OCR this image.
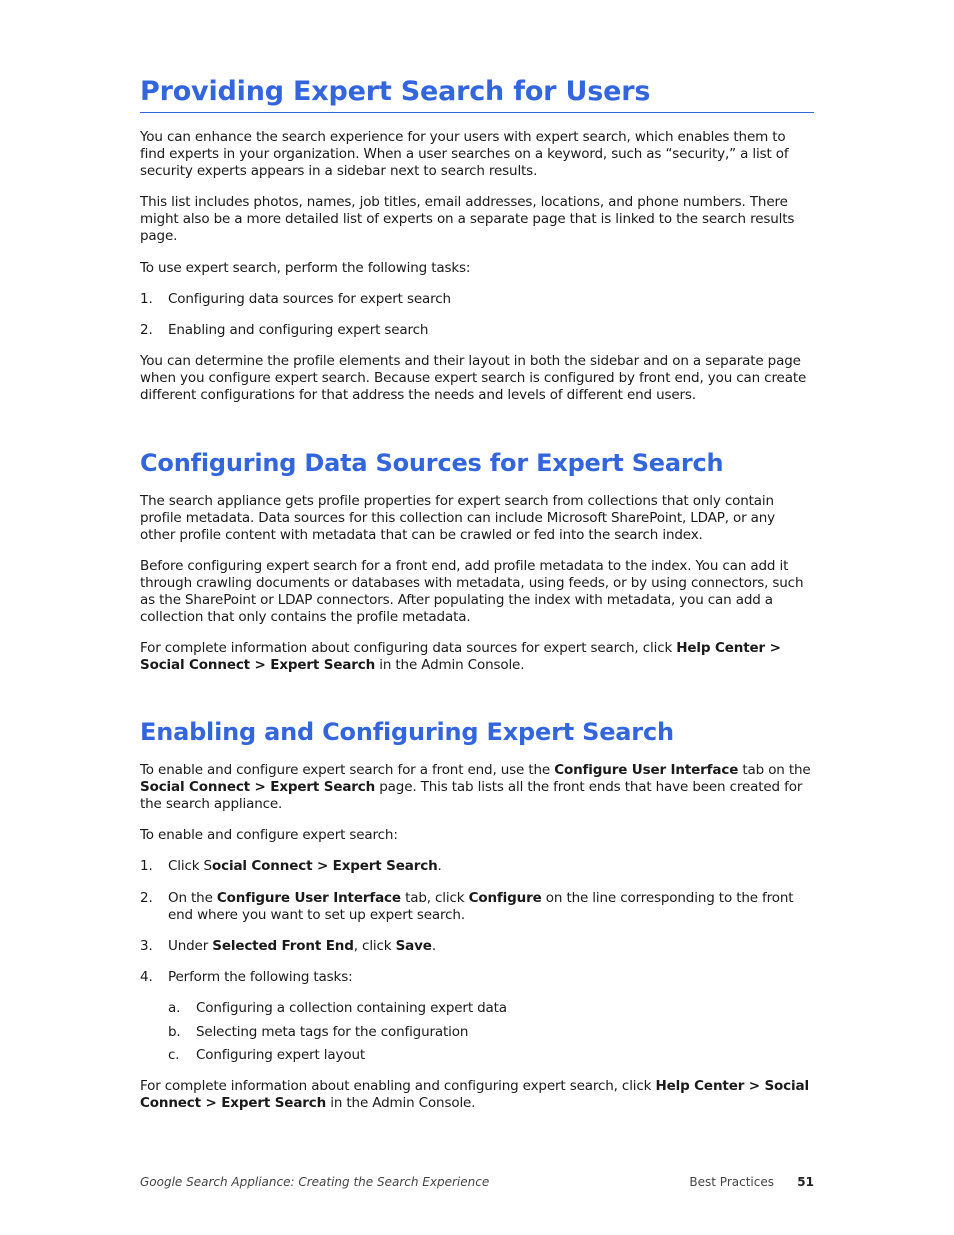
Providing Expert Search for Users

You can enhance the search experience for your users with expert search, which enables them to find experts in your organization. When a user searches on a keyword, such as “security,” a list of security experts appears in a sidebar next to search results.

This list includes photos, names, job titles, email addresses, locations, and phone numbers. There might also be a more detailed list of experts on a separate page that is linked to the search results page.

To use expert search, perform the following tasks:

1. Configuring data sources for expert search
2. Enabling and configuring expert search

You can determine the profile elements and their layout in both the sidebar and on a separate page when you configure expert search. Because expert search is configured by front end, you can create different configurations for that address the needs and levels of different end users.

Configuring Data Sources for Expert Search

The search appliance gets profile properties for expert search from collections that only contain profile metadata. Data sources for this collection can include Microsoft SharePoint, LDAP, or any other profile content with metadata that can be crawled or fed into the search index.

Before configuring expert search for a front end, add profile metadata to the index. You can add it through crawling documents or databases with metadata, using feeds, or by using connectors, such as the SharePoint or LDAP connectors. After populating the index with metadata, you can add a collection that only contains the profile metadata.

For complete information about configuring data sources for expert search, click Help Center > Social Connect > Expert Search in the Admin Console.

Enabling and Configuring Expert Search

To enable and configure expert search for a front end, use the Configure User Interface tab on the Social Connect > Expert Search page. This tab lists all the front ends that have been created for the search appliance.

To enable and configure expert search:

1. Click Social Connect > Expert Search.
2. On the Configure User Interface tab, click Configure on the line corresponding to the front end where you want to set up expert search.
3. Under Selected Front End, click Save.
4. Perform the following tasks:
a. Configuring a collection containing expert data
b. Selecting meta tags for the configuration
c. Configuring expert layout

For complete information about enabling and configuring expert search, click Help Center > Social Connect > Expert Search in the Admin Console.

Google Search Appliance: Creating the Search Experience	Best Practices 51
